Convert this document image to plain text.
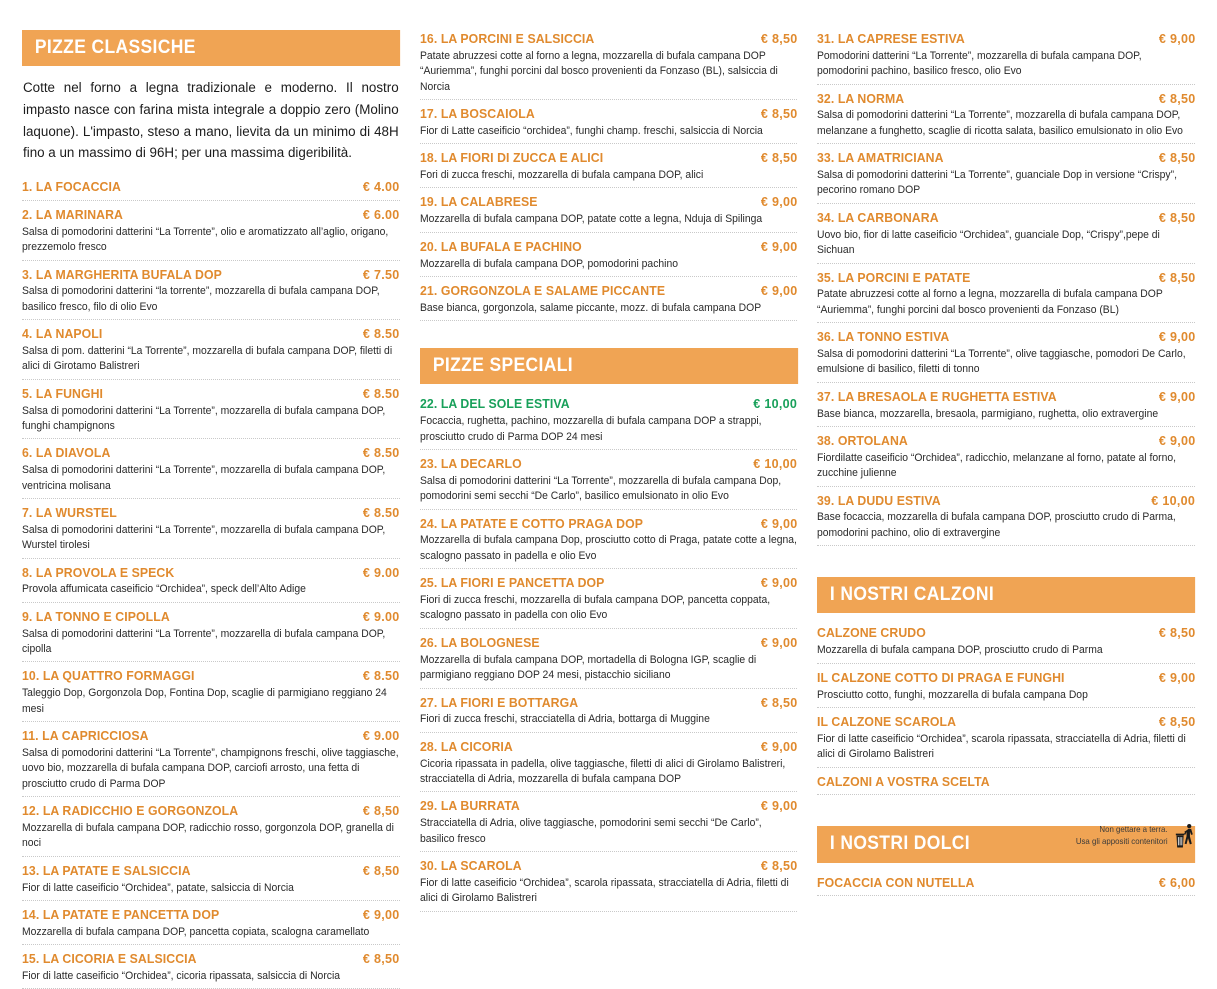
PIZZE CLASSICHE

Cotte nel forno a legna tradizionale e moderno. Il nostro impasto nasce con farina mista integrale a doppio zero (Molino laquone). L'impasto, steso a mano, lievita da un minimo di 48H fino a un massimo di 96H; per una massima digeribilità.

1. LA FOCACCIA	€ 4.00
2. LA MARINARA	€ 6.00
Salsa di pomodorini datterini “La Torrente”, olio e aromatizzato all’aglio, origano, prezzemolo fresco
3. LA MARGHERITA BUFALA DOP	€ 7.50
Salsa di pomodorini datterini “la torrente”, mozzarella di bufala campana DOP, basilico fresco, filo di olio Evo
4. LA NAPOLI	€ 8.50
Salsa di pom. datterini “La Torrente”, mozzarella di bufala campana DOP, filetti di alici di Girotamo Balistreri
5. LA FUNGHI	€ 8.50
Salsa di pomodorini datterini “La Torrente”, mozzarella di bufala campana DOP, funghi champignons
6. LA DIAVOLA	€ 8.50
Salsa di pomodorini datterini “La Torrente”, mozzarella di bufala campana DOP, ventricina molisana
7. LA WURSTEL	€ 8.50
Salsa di pomodorini datterini “La Torrente”, mozzarella di bufala campana DOP, Wurstel tirolesi
8. LA PROVOLA E SPECK	€ 9.00
Provola affumicata caseificio “Orchidea”, speck dell’Alto Adige
9. LA TONNO E CIPOLLA	€ 9.00
Salsa di pomodorini datterini “La Torrente”, mozzarella di bufala campana DOP, cipolla
10. LA QUATTRO FORMAGGI	€ 8.50
Taleggio Dop, Gorgonzola Dop, Fontina Dop, scaglie di parmigiano reggiano 24 mesi
11. LA CAPRICCIOSA	€ 9.00
Salsa di pomodorini datterini “La Torrente”, champignons freschi, olive taggiasche, uovo bio, mozzarella di bufala campana DOP, carciofi arrosto, una fetta di prosciutto crudo di Parma DOP
12. LA RADICCHIO E GORGONZOLA	€ 8,50
Mozzarella di bufala campana DOP, radicchio rosso, gorgonzola DOP, granella di noci
13. LA PATATE E SALSICCIA	€ 8,50
Fior di latte caseificio “Orchidea”, patate, salsiccia di Norcia
14. LA PATATE E PANCETTA DOP	€ 9,00
Mozzarella di bufala campana DOP, pancetta copiata, scalogna caramellato
15. LA CICORIA E SALSICCIA	€ 8,50
Fior di latte caseificio “Orchidea”, cicoria ripassata, salsiccia di Norcia
16. LA PORCINI E SALSICCIA	€ 8,50
Patate abruzzesi cotte al forno a legna, mozzarella di bufala campana DOP “Auriemma”, funghi porcini dal bosco provenienti da Fonzaso (BL), salsiccia di Norcia
17. LA BOSCAIOLA	€ 8,50
Fior di Latte caseificio “orchidea”, funghi champ. freschi, salsiccia di Norcia
18. LA FIORI DI ZUCCA E ALICI	€ 8,50
Fori di zucca freschi, mozzarella di bufala campana DOP, alici
19. LA CALABRESE	€ 9,00
Mozzarella di bufala campana DOP, patate cotte a legna, Nduja di Spilinga
20. LA BUFALA E PACHINO	€ 9,00
Mozzarella di bufala campana DOP, pomodorini pachino
21. GORGONZOLA E SALAME PICCANTE	€ 9,00
Base bianca, gorgonzola, salame piccante, mozz. di bufala campana DOP
PIZZE SPECIALI
22. LA DEL SOLE ESTIVA	€ 10,00
Focaccia, rughetta, pachino, mozzarella di bufala campana DOP a strappi, prosciutto crudo di Parma DOP 24 mesi
23. LA DECARLO	€ 10,00
Salsa di pomodorini datterini “La Torrente”, mozzarella di bufala campana Dop, pomodorini semi secchi “De Carlo”, basilico emulsionato in olio Evo
24. LA PATATE E COTTO PRAGA DOP	€ 9,00
Mozzarella di bufala campana Dop, prosciutto cotto di Praga, patate cotte a legna, scalogno passato in padella e olio Evo
25. LA FIORI E PANCETTA DOP	€ 9,00
Fiori di zucca freschi, mozzarella di bufala campana DOP, pancetta coppata, scalogno passato in padella con olio Evo
26. LA BOLOGNESE	€ 9,00
Mozzarella di bufala campana DOP, mortadella di Bologna IGP, scaglie di parmigiano reggiano DOP 24 mesi, pistacchio siciliano
27. LA FIORI E BOTTARGA	€ 8,50
Fiori di zucca freschi, stracciatella di Adria, bottarga di Muggine
28. LA CICORIA	€ 9,00
Cicoria ripassata in padella, olive taggiasche, filetti di alici di Girolamo Balistreri, stracciatella di Adria, mozzarella di bufala campana DOP
29. LA BURRATA	€ 9,00
Stracciatella di Adria, olive taggiasche, pomodorini semi secchi “De Carlo”, basilico fresco
30. LA SCAROLA	€ 8,50
Fior di latte caseificio “Orchidea”, scarola ripassata, stracciatella di Adria, filetti di alici di Girolamo Balistreri
31. LA CAPRESE ESTIVA	€ 9,00
Pomodorini datterini “La Torrente”, mozzarella di bufala campana DOP, pomodorini pachino, basilico fresco, olio Evo
32. LA NORMA	€ 8,50
Salsa di pomodorini datterini “La Torrente”, mozzarella di bufala campana DOP, melanzane a funghetto, scaglie di ricotta salata, basilico emulsionato in olio Evo
33. LA AMATRICIANA	€ 8,50
Salsa di pomodorini datterini “La Torrente”, guanciale Dop in versione “Crispy”, pecorino romano DOP
34. LA CARBONARA	€ 8,50
Uovo bio, fior di latte caseificio “Orchidea”, guanciale Dop, “Crispy”,pepe di Sichuan
35. LA PORCINI E PATATE	€ 8,50
Patate abruzzesi cotte al forno a legna, mozzarella di bufala campana DOP “Auriemma”, funghi porcini dal bosco provenienti da Fonzaso (BL)
36. LA TONNO ESTIVA	€ 9,00
Salsa di pomodorini datterini “La Torrente”, olive taggiasche, pomodori De Carlo, emulsione di basilico, filetti di tonno
37. LA BRESAOLA E RUGHETTA ESTIVA	€ 9,00
Base bianca, mozzarella, bresaola, parmigiano, rughetta, olio extravergine
38. ORTOLANA	€ 9,00
Fiordilatte caseificio “Orchidea”, radicchio, melanzane al forno, patate al forno, zucchine julienne
39. LA DUDU ESTIVA	€ 10,00
Base focaccia, mozzarella di bufala campana DOP, prosciutto crudo di Parma, pomodorini pachino, olio di extravergine
I NOSTRI CALZONI
CALZONE CRUDO	€ 8,50
Mozzarella di bufala campana DOP, prosciutto crudo di Parma
IL CALZONE COTTO DI PRAGA E FUNGHI	€ 9,00
Prosciutto cotto, funghi, mozzarella di bufala campana Dop
IL CALZONE SCAROLA	€ 8,50
Fior di latte caseificio “Orchidea”, scarola ripassata, stracciatella di Adria, filetti di alici di Girolamo Balistreri
CALZONI A VOSTRA SCELTA
I NOSTRI DOLCI
FOCACCIA CON NUTELLA	€ 6,00
Non gettare a terra.
Usa gli appositi contenitori
